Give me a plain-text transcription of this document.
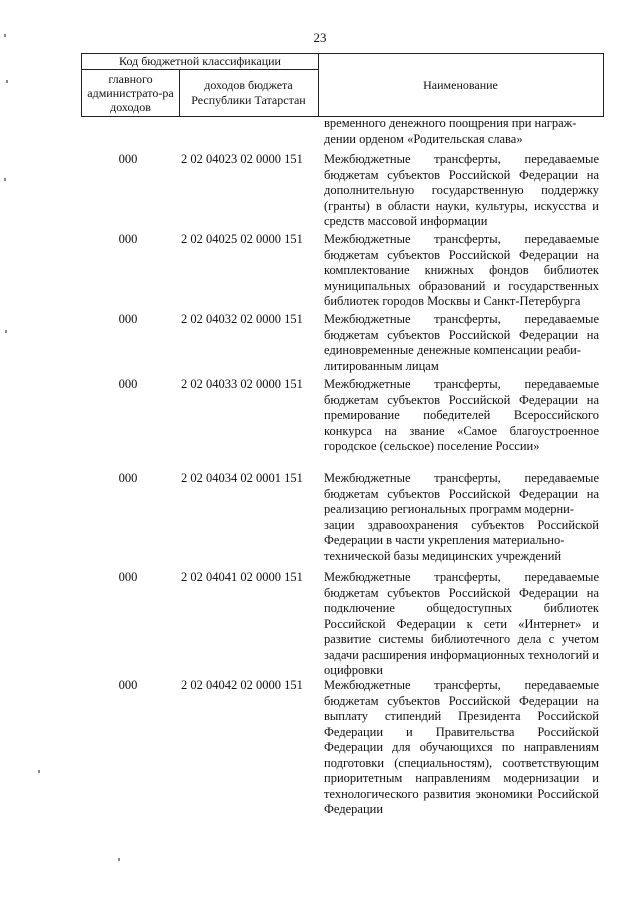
23
Код бюджетной классификации
главного администрато-ра доходов
доходов бюджета Республики Татарстан
Наименование
временного денежного поощрения при награж-
дении орденом «Родительская слава»
000	2 02 04023 02 0000 151	Межбюджетные трансферты, передаваемые бюджетам субъектов Российской Федерации на дополнительную государственную поддержку (гранты) в области науки, культуры, искусства и средств массовой информации
000	2 02 04025 02 0000 151	Межбюджетные трансферты, передаваемые бюджетам субъектов Российской Федерации на комплектование книжных фондов библиотек муниципальных образований и государственных библиотек городов Москвы и Санкт-Петербурга
000	2 02 04032 02 0000 151	Межбюджетные трансферты, передаваемые бюджетам субъектов Российской Федерации на единовременные денежные компенсации реаби-
литированным лицам
000	2 02 04033 02 0000 151	Межбюджетные трансферты, передаваемые бюджетам субъектов Российской Федерации на премирование победителей Всероссийского конкурса на звание «Самое благоустроенное городское (сельское) поселение России»
000	2 02 04034 02 0001 151	Межбюджетные трансферты, передаваемые бюджетам субъектов Российской Федерации на реализацию региональных программ модерни-
зации здравоохранения субъектов Российской Федерации в части укрепления материально-
технической базы медицинских учреждений
000	2 02 04041 02 0000 151	Межбюджетные трансферты, передаваемые бюджетам субъектов Российской Федерации на подключение общедоступных библиотек Российской Федерации к сети «Интернет» и развитие системы библиотечного дела с учетом задачи расширения информационных технологий и оцифровки
000	2 02 04042 02 0000 151	Межбюджетные трансферты, передаваемые бюджетам субъектов Российской Федерации на выплату стипендий Президента Российской Федерации и Правительства Российской Федерации для обучающихся по направлениям подготовки (специальностям), соответствующим приоритетным направлениям модернизации и технологического развития экономики Российской Федерации
